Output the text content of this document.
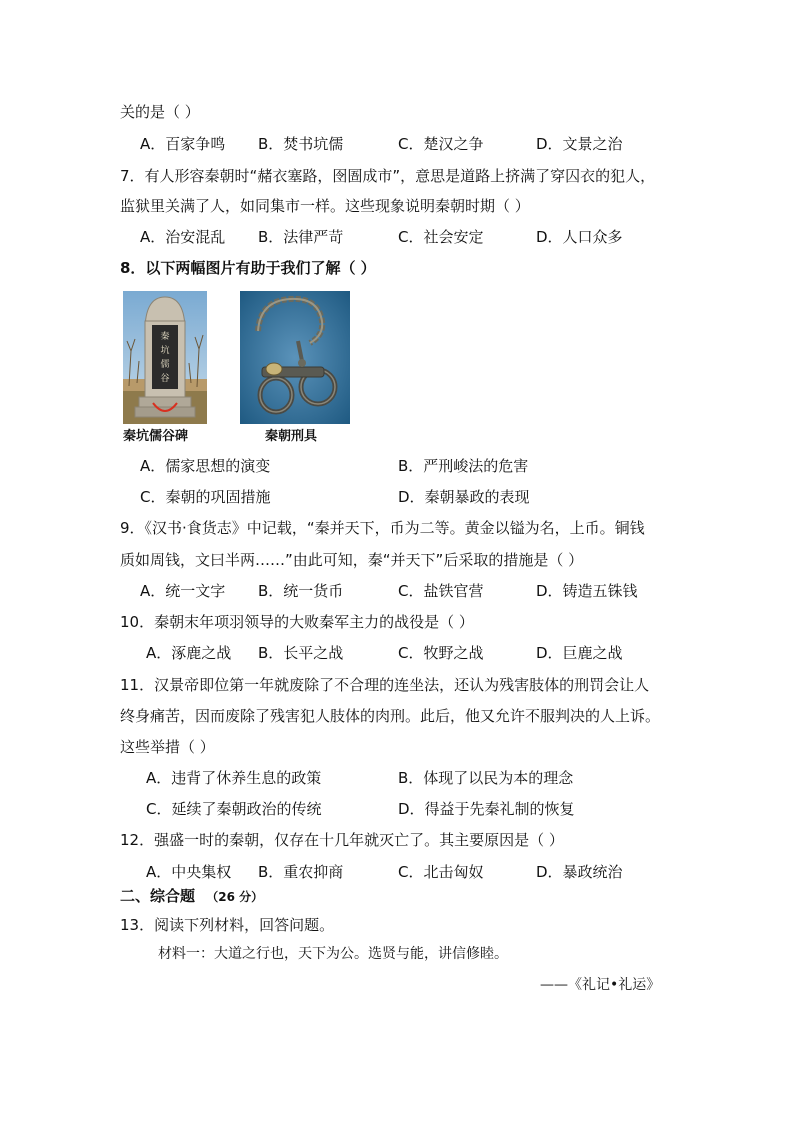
关的是（ ）
A．百家争鸣 B．焚书坑儒	C．楚汉之争	D．文景之治
7．有人形容秦朝时“赭衣塞路，囹圄成市”，意思是道路上挤满了穿囚衣的犯人，
监狱里关满了人，如同集市一样。这些现象说明秦朝时期（ ）
A．治安混乱 B．法律严苛	C．社会安定	D．人口众多
8．以下两幅图片有助于我们了解（ ）
秦
坑
儒
谷
秦坑儒谷碑	秦朝刑具
A．儒家思想的演变	B．严刑峻法的危害
C．秦朝的巩固措施	D．秦朝暴政的表现
9．《汉书·食货志》中记载，“秦并天下，币为二等。黄金以镒为名，上币。铜钱
质如周钱，文曰半两……”由此可知，秦“并天下”后采取的措施是（ ）
A．统一文字 B．统一货币	C．盐铁官营	D．铸造五铢钱
10．秦朝末年项羽领导的大败秦军主力的战役是（ ）
A．涿鹿之战 B．长平之战	C．牧野之战	D．巨鹿之战
11．汉景帝即位第一年就废除了不合理的连坐法，还认为残害肢体的刑罚会让人
终身痛苦，因而废除了残害犯人肢体的肉刑。此后，他又允许不服判决的人上诉。
这些举措（ ）
A．违背了休养生息的政策	B．体现了以民为本的理念
C．延续了秦朝政治的传统	D．得益于先秦礼制的恢复
12．强盛一时的秦朝，仅存在十几年就灭亡了。其主要原因是（ ）
A．中央集权 B．重农抑商	C．北击匈奴	D．暴政统治
二、综合题 （26 分）
13．阅读下列材料，回答问题。
材料一：大道之行也，天下为公。选贤与能，讲信修睦。
——《礼记•礼运》
